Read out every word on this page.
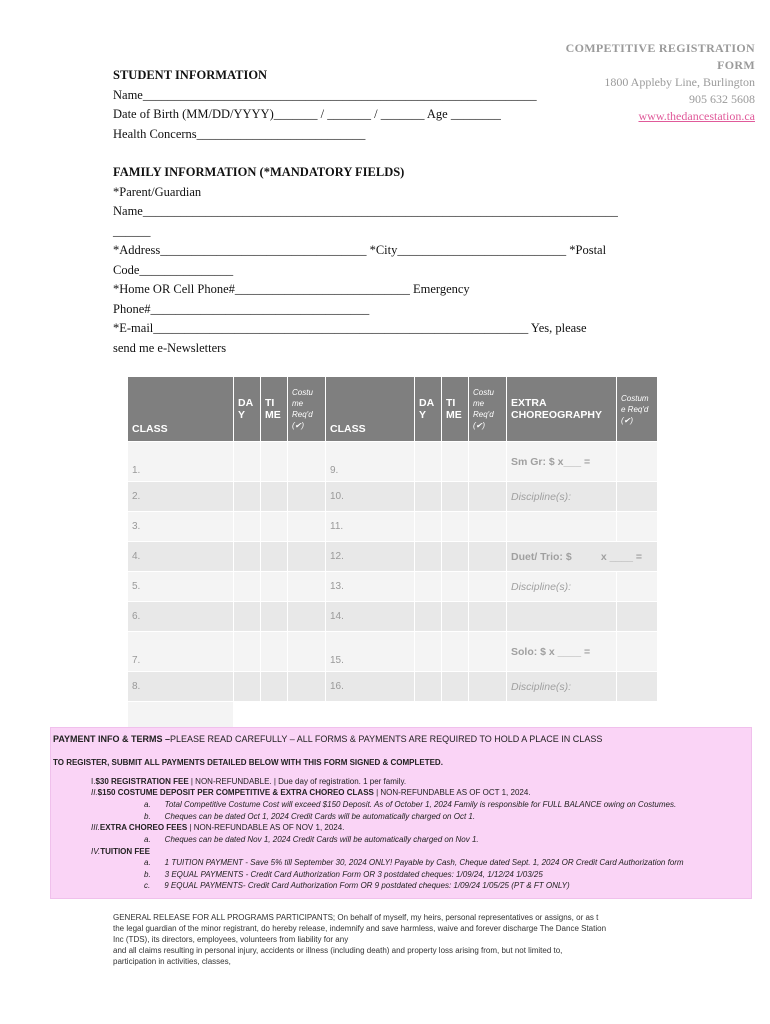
COMPETITIVE REGISTRATION
FORM
1800 Appleby Line, Burlington
905 632 5608
www.thedancestation.ca
STUDENT INFORMATION
Name_______________________________________________________________
Date of Birth (MM/DD/YYYY)_______ / _______ / _______ Age ________
Health Concerns___________________________
FAMILY INFORMATION (*MANDATORY FIELDS)
*Parent/Guardian
Name____________________________________________________________________________
______
*Address_________________________________ *City___________________________ *Postal
Code_______________
*Home OR Cell Phone#____________________________ Emergency
Phone#___________________________________
*E-mail____________________________________________________________ Yes, please
send me e-Newsletters
CLASS	DA Y	TI ME	Costu me Req'd (✔)	CLASS	DA Y	TI ME	Costu me Req'd (✔)	EXTRA CHOREOGRAPHY	Costum e Req'd (✔)
1.				9.				Sm Gr: $ x___ =	
2.				10.				Discipline(s):	
3.				11.					
4.				12.				Duet/ Trio: $          x ____ =	
5.				13.				Discipline(s):	
6.				14.					
7.				15.				Solo: $ x ____ =	
8.				16.				Discipline(s):	

PAYMENT INFO & TERMS –PLEASE READ CAREFULLY – ALL FORMS & PAYMENTS ARE REQUIRED TO HOLD A PLACE IN CLASS
TO REGISTER, SUBMIT ALL PAYMENTS DETAILED BELOW WITH THIS FORM SIGNED & COMPLETED.
I.$30 REGISTRATION FEE | NON-REFUNDABLE. | Due day of registration. 1 per family.
II.$150 COSTUME DEPOSIT PER COMPETITIVE & EXTRA CHOREO CLASS | NON-REFUNDABLE AS OF OCT 1, 2024.
a. Total Competitive Costume Cost will exceed $150 Deposit. As of October 1, 2024 Family is responsible for FULL BALANCE owing on Costumes.
b. Cheques can be dated Oct 1, 2024 Credit Cards will be automatically charged on Oct 1.
III.EXTRA CHOREO FEES | NON-REFUNDABLE AS OF NOV 1, 2024.
a. Cheques can be dated Nov 1, 2024 Credit Cards will be automatically charged on Nov 1.
IV.TUITION FEE
a. 1 TUITION PAYMENT - Save 5% till September 30, 2024 ONLY! Payable by Cash, Cheque dated Sept. 1, 2024 OR Credit Card Authorization form
b. 3 EQUAL PAYMENTS - Credit Card Authorization Form OR 3 postdated cheques: 1/09/24, 1/12/24 1/03/25
c. 9 EQUAL PAYMENTS- Credit Card Authorization Form OR 9 postdated cheques: 1/09/24 1/05/25 (PT & FT ONLY)
GENERAL RELEASE FOR ALL PROGRAMS PARTICIPANTS; On behalf of myself, my heirs, personal representatives or assigns, or as t
the legal guardian of the minor registrant, do hereby release, indemnify and save harmless, waive and forever discharge The Dance Station
Inc (TDS), its directors, employees, volunteers from liability for any
and all claims resulting in personal injury, accidents or illness (including death) and property loss arising from, but not limited to,
participation in activities, classes,
